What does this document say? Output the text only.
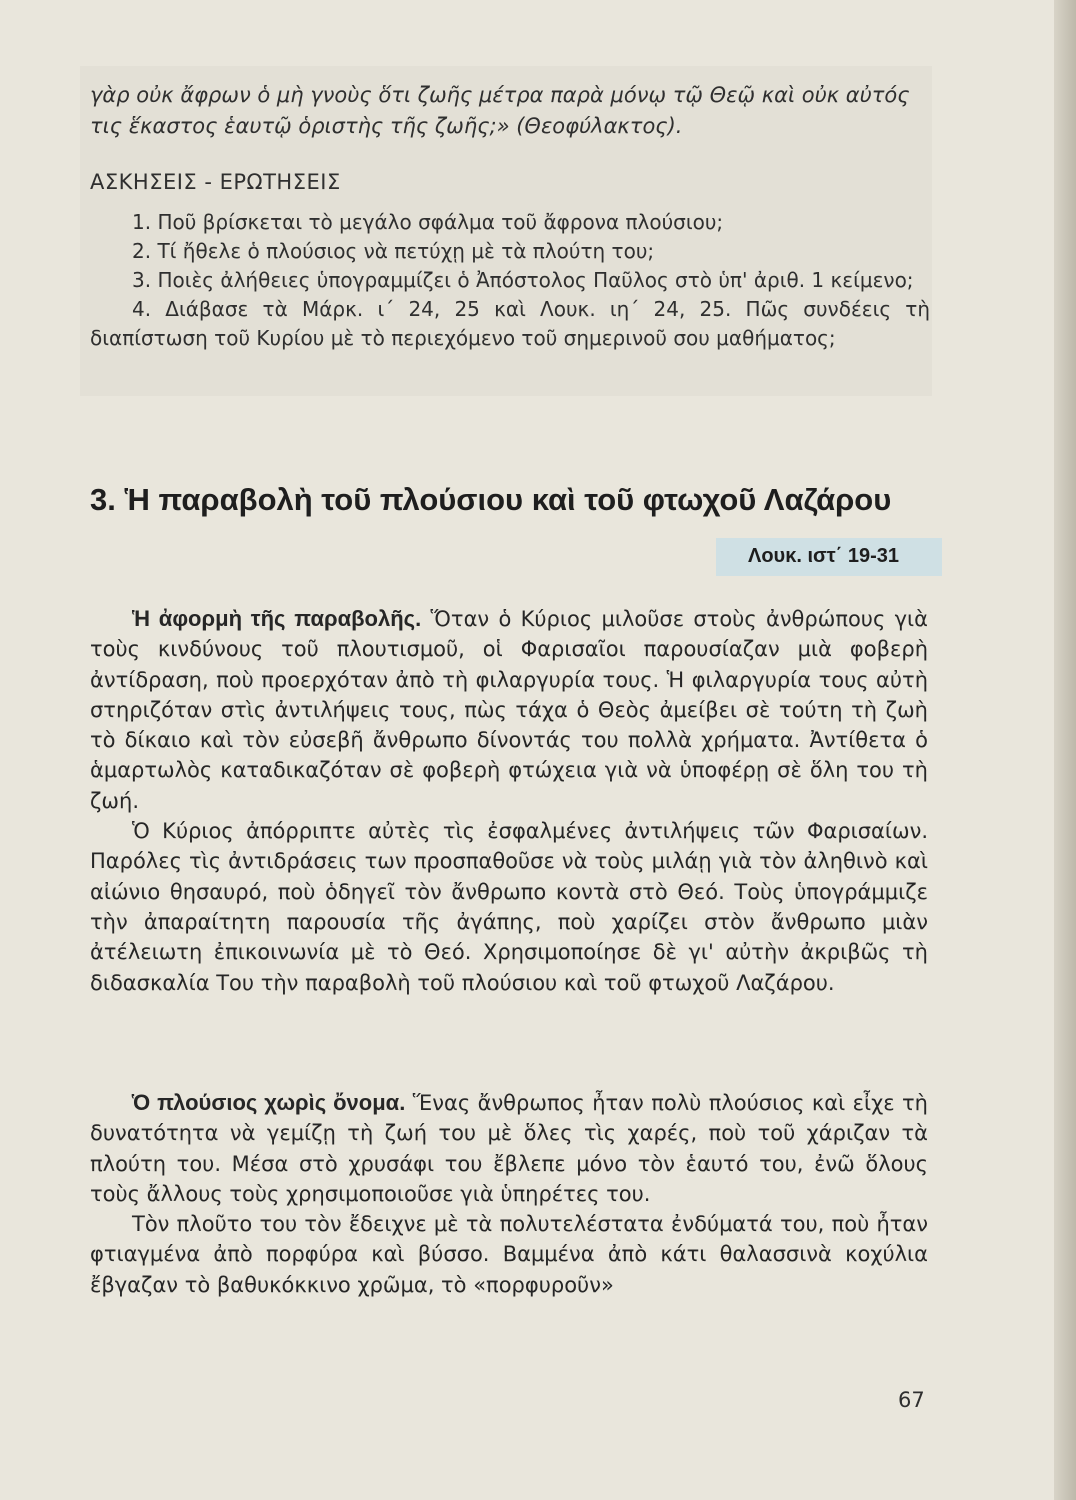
γὰρ οὐκ ἄφρων ὁ μὴ γνοὺς ὅτι ζωῆς μέτρα παρὰ μόνῳ τῷ Θεῷ καὶ οὐκ αὐτός τις ἕκαστος ἑαυτῷ ὁριστὴς τῆς ζωῆς;» (Θεοφύλακτος).
ΑΣΚΗΣΕΙΣ - ΕΡΩΤΗΣΕΙΣ

1. Ποῦ βρίσκεται τὸ μεγάλο σφάλμα τοῦ ἄφρονα πλούσιου;

2. Τί ἤθελε ὁ πλούσιος νὰ πετύχῃ μὲ τὰ πλούτη του;

3. Ποιὲς ἀλήθειες ὑπογραμμίζει ὁ Ἀπόστολος Παῦλος στὸ ὑπ' ἀριθ. 1 κείμενο;

4. Διάβασε τὰ Μάρκ. ι΄ 24, 25 καὶ Λουκ. ιη΄ 24, 25. Πῶς συνδέεις τὴ διαπίστωση τοῦ Κυρίου μὲ τὸ περιεχόμενο τοῦ σημερινοῦ σου μαθήματος;

3. Ἡ παραβολὴ τοῦ πλούσιου καὶ τοῦ φτωχοῦ Λαζάρου
Λουκ. ιστ΄ 19-31

Ἡ ἀφορμὴ τῆς παραβολῆς. Ὅταν ὁ Κύριος μιλοῦσε στοὺς ἀνθρώπους γιὰ τοὺς κινδύνους τοῦ πλουτισμοῦ, οἱ Φαρισαῖοι παρουσίαζαν μιὰ φοβερὴ ἀντίδραση, ποὺ προερχόταν ἀπὸ τὴ φιλαργυρία τους. Ἡ φιλαργυρία τους αὐτὴ στηριζόταν στὶς ἀντιλήψεις τους, πὼς τάχα ὁ Θεὸς ἀμείβει σὲ τούτη τὴ ζωὴ τὸ δίκαιο καὶ τὸν εὐσεβῆ ἄνθρωπο δίνοντάς του πολλὰ χρήματα. Ἀντίθετα ὁ ἁμαρτωλὸς καταδικαζόταν σὲ φοβερὴ φτώχεια γιὰ νὰ ὑποφέρῃ σὲ ὅλη του τὴ ζωή.

Ὁ Κύριος ἀπόρριπτε αὐτὲς τὶς ἐσφαλμένες ἀντιλήψεις τῶν Φαρισαίων. Παρόλες τὶς ἀντιδράσεις των προσπαθοῦσε νὰ τοὺς μιλάῃ γιὰ τὸν ἀληθινὸ καὶ αἰώνιο θησαυρό, ποὺ ὁδηγεῖ τὸν ἄνθρωπο κοντὰ στὸ Θεό. Τοὺς ὑπογράμμιζε τὴν ἀπαραίτητη παρουσία τῆς ἀγάπης, ποὺ χαρίζει στὸν ἄνθρωπο μιὰν ἀτέλειωτη ἐπικοινωνία μὲ τὸ Θεό. Χρησιμοποίησε δὲ γι' αὐτὴν ἀκριβῶς τὴ διδασκαλία Του τὴν παραβολὴ τοῦ πλούσιου καὶ τοῦ φτωχοῦ Λαζάρου.

Ὁ πλούσιος χωρὶς ὄνομα. Ἕνας ἄνθρωπος ἦταν πολὺ πλούσιος καὶ εἶχε τὴ δυνατότητα νὰ γεμίζῃ τὴ ζωή του μὲ ὅλες τὶς χαρές, ποὺ τοῦ χάριζαν τὰ πλούτη του. Μέσα στὸ χρυσάφι του ἔβλεπε μόνο τὸν ἑαυτό του, ἐνῶ ὅλους τοὺς ἄλλους τοὺς χρησιμοποιοῦσε γιὰ ὑπηρέτες του.

Τὸν πλοῦτο του τὸν ἔδειχνε μὲ τὰ πολυτελέστατα ἐνδύματά του, ποὺ ἦταν φτιαγμένα ἀπὸ πορφύρα καὶ βύσσο. Βαμμένα ἀπὸ κάτι θαλασσινὰ κοχύλια ἔβγαζαν τὸ βαθυκόκκινο χρῶμα, τὸ «πορφυροῦν»

67
